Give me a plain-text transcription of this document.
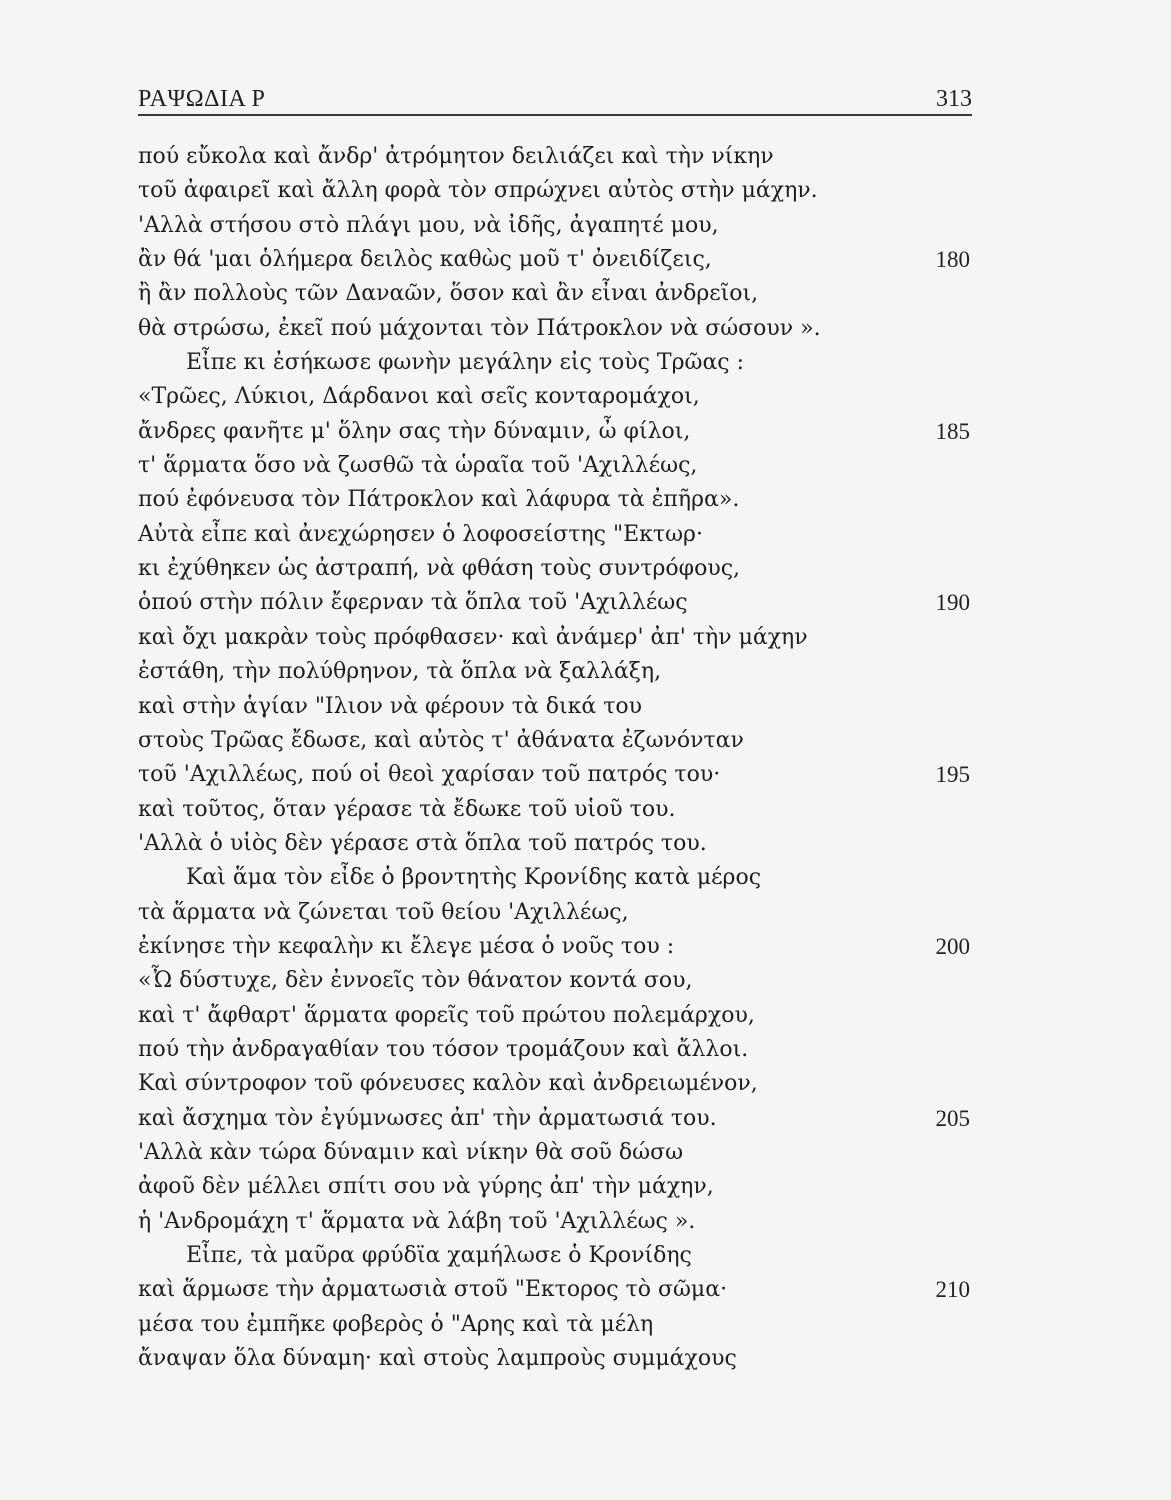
ΡΑΨΩΔΙΑ Ρ	313
πού εὔκολα καὶ ἄνδρ' ἀτρόμητον δειλιάζει καὶ τὴν νίκην
τοῦ ἀφαιρεῖ καὶ ἄλλη φορὰ τὸν σπρώχνει αὐτὸς στὴν μάχην.
'Αλλὰ στήσου στὸ πλάγι μου, νὰ ἰδῆς, ἀγαπητέ μου,
ἂν θά 'μαι ὁλήμερα δειλὸς καθὼς μοῦ τ' ὀνειδίζεις,	180
ἢ ἂν πολλοὺς τῶν Δαναῶν, ὅσον καὶ ἂν εἶναι ἀνδρεῖοι,
θὰ στρώσω, ἐκεῖ πού μάχονται τὸν Πάτροκλον νὰ σώσουν ».
Εἶπε κι ἐσήκωσε φωνὴν μεγάλην εἰς τοὺς Τρῶας :
«Τρῶες, Λύκιοι, Δάρδανοι καὶ σεῖς κονταρομάχοι,
ἄνδρες φανῆτε μ' ὅλην σας τὴν δύναμιν, ὦ φίλοι,	185
τ' ἅρματα ὅσο νὰ ζωσθῶ τὰ ὡραῖα τοῦ 'Αχιλλέως,
πού ἐφόνευσα τὸν Πάτροκλον καὶ λάφυρα τὰ ἐπῆρα».
Αὐτὰ εἶπε καὶ ἀνεχώρησεν ὁ λοφοσείστης "Εκτωρ·
κι ἐχύθηκεν ὡς ἀστραπή, νὰ φθάση τοὺς συντρόφους,
ὁπού στὴν πόλιν ἔφερναν τὰ ὅπλα τοῦ 'Αχιλλέως	190
καὶ ὄχι μακρὰν τοὺς πρόφθασεν· καὶ ἀνάμερ' ἀπ' τὴν μάχην
ἐστάθη, τὴν πολύθρηνον, τὰ ὅπλα νὰ ξαλλάξη,
καὶ στὴν ἁγίαν "Ιλιον νὰ φέρουν τὰ δικά του
στοὺς Τρῶας ἔδωσε, καὶ αὐτὸς τ' ἀθάνατα ἐζωνόνταν
τοῦ 'Αχιλλέως, πού οἱ θεοὶ χαρίσαν τοῦ πατρός του·	195
καὶ τοῦτος, ὅταν γέρασε τὰ ἔδωκε τοῦ υἱοῦ του.
'Αλλὰ ὁ υἱὸς δὲν γέρασε στὰ ὅπλα τοῦ πατρός του.
Καὶ ἅμα τὸν εἶδε ὁ βροντητὴς Κρονίδης κατὰ μέρος
τὰ ἅρματα νὰ ζώνεται τοῦ θείου 'Αχιλλέως,
ἐκίνησε τὴν κεφαλὴν κι ἔλεγε μέσα ὁ νοῦς του :	200
«Ὦ δύστυχε, δὲν ἐννοεῖς τὸν θάνατον κοντά σου,
καὶ τ' ἄφθαρτ' ἅρματα φορεῖς τοῦ πρώτου πολεμάρχου,
πού τὴν ἀνδραγαθίαν του τόσον τρομάζουν καὶ ἄλλοι.
Καὶ σύντροφον τοῦ φόνευσες καλὸν καὶ ἀνδρειωμένον,
καὶ ἄσχημα τὸν ἐγύμνωσες ἀπ' τὴν ἀρματωσιά του.	205
'Αλλὰ κὰν τώρα δύναμιν καὶ νίκην θὰ σοῦ δώσω
ἀφοῦ δὲν μέλλει σπίτι σου νὰ γύρης ἀπ' τὴν μάχην,
ἡ 'Ανδρομάχη τ' ἅρματα νὰ λάβη τοῦ 'Αχιλλέως ».
Εἶπε, τὰ μαῦρα φρύδϊα χαμήλωσε ὁ Κρονίδης
καὶ ἅρμωσε τὴν ἀρματωσιὰ στοῦ "Εκτορος τὸ σῶμα·	210
μέσα του ἐμπῆκε φοβερὸς ὁ "Αρης καὶ τὰ μέλη
ἄναψαν ὅλα δύναμη· καὶ στοὺς λαμπροὺς συμμάχους
